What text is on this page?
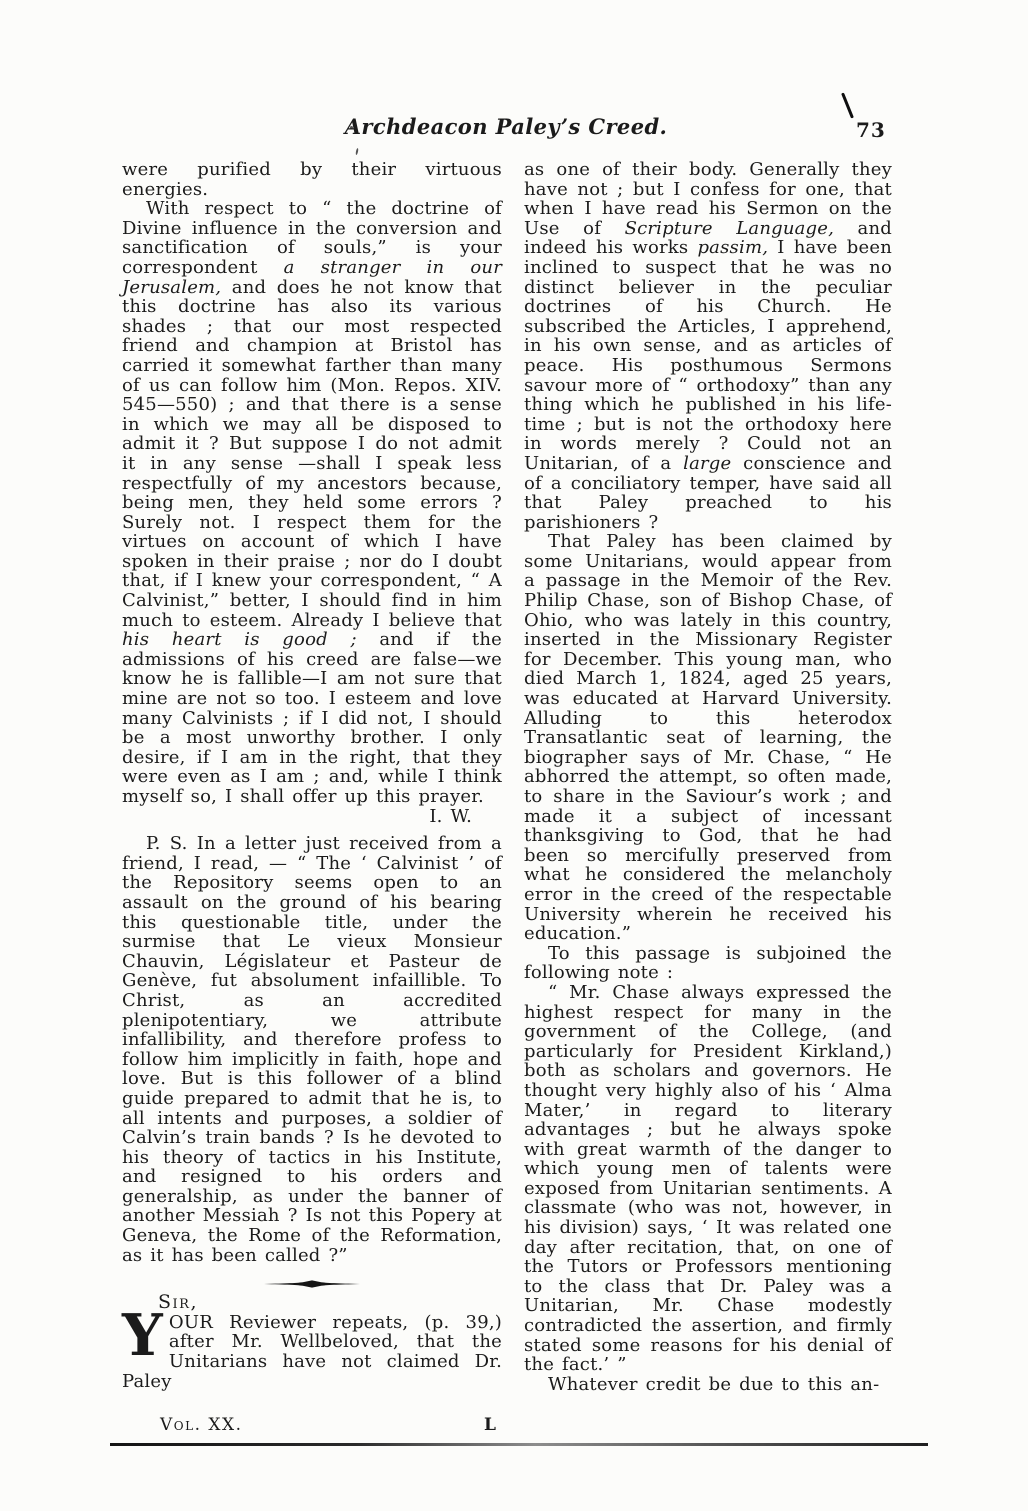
Archdeacon Paley’s Creed.	73

were purified by their virtuous energies.

With respect to “ the doctrine of Divine influence in the conversion and sanctification of souls,” is your correspondent a stranger in our Jerusalem, and does he not know that this doctrine has also its various shades ; that our most respected friend and champion at Bristol has carried it somewhat farther than many of us can follow him (Mon. Repos. XIV. 545—550) ; and that there is a sense in which we may all be disposed to admit it ? But suppose I do not admit it in any sense —shall I speak less respectfully of my ancestors because, being men, they held some errors ? Surely not. I respect them for the virtues on account of which I have spoken in their praise ; nor do I doubt that, if I knew your correspondent, “ A Calvinist,” better, I should find in him much to esteem. Already I believe that his heart is good ; and if the admissions of his creed are false—we know he is fallible—I am not sure that mine are not so too. I esteem and love many Calvinists ; if I did not, I should be a most unworthy brother. I only desire, if I am in the right, that they were even as I am ; and, while I think myself so, I shall offer up this prayer.

I. W.

P. S. In a letter just received from a friend, I read, — “ The ‘ Calvinist ’ of the Repository seems open to an assault on the ground of his bearing this questionable title, under the surmise that Le vieux Monsieur Chauvin, Législateur et Pasteur de Genève, fut absolument infaillible. To Christ, as an accredited plenipotentiary, we attribute infallibility, and therefore profess to follow him implicitly in faith, hope and love. But is this follower of a blind guide prepared to admit that he is, to all intents and purposes, a soldier of Calvin’s train bands ? Is he devoted to his theory of tactics in his Institute, and resigned to his orders and generalship, as under the banner of another Messiah ? Is not this Popery at Geneva, the Rome of the Reformation, as it has been called ?”

Sir,

YOUR Reviewer repeats, (p. 39,) after Mr. Wellbeloved, that the Unitarians have not claimed Dr. Paley

as one of their body. Generally they have not ; but I confess for one, that when I have read his Sermon on the Use of Scripture Language, and indeed his works passim, I have been inclined to suspect that he was no distinct believer in the peculiar doctrines of his Church. He subscribed the Articles, I apprehend, in his own sense, and as articles of peace. His posthumous Sermons savour more of “ orthodoxy” than any thing which he published in his life-time ; but is not the orthodoxy here in words merely ? Could not an Unitarian, of a large conscience and of a conciliatory temper, have said all that Paley preached to his parishioners ?

That Paley has been claimed by some Unitarians, would appear from a passage in the Memoir of the Rev. Philip Chase, son of Bishop Chase, of Ohio, who was lately in this country, inserted in the Missionary Register for December. This young man, who died March 1, 1824, aged 25 years, was educated at Harvard University. Alluding to this heterodox Transatlantic seat of learning, the biographer says of Mr. Chase, “ He abhorred the attempt, so often made, to share in the Saviour’s work ; and made it a subject of incessant thanksgiving to God, that he had been so mercifully preserved from what he considered the melancholy error in the creed of the respectable University wherein he received his education.”

To this passage is subjoined the following note :

“ Mr. Chase always expressed the highest respect for many in the government of the College, (and particularly for President Kirkland,) both as scholars and governors. He thought very highly also of his ‘ Alma Mater,’ in regard to literary advantages ; but he always spoke with great warmth of the danger to which young men of talents were exposed from Unitarian sentiments. A classmate (who was not, however, in his division) says, ‘ It was related one day after recitation, that, on one of the Tutors or Professors mentioning to the class that Dr. Paley was a Unitarian, Mr. Chase modestly contradicted the assertion, and firmly stated some reasons for his denial of the fact.’ ”

Whatever credit be due to this an-

Vol. XX.	L
